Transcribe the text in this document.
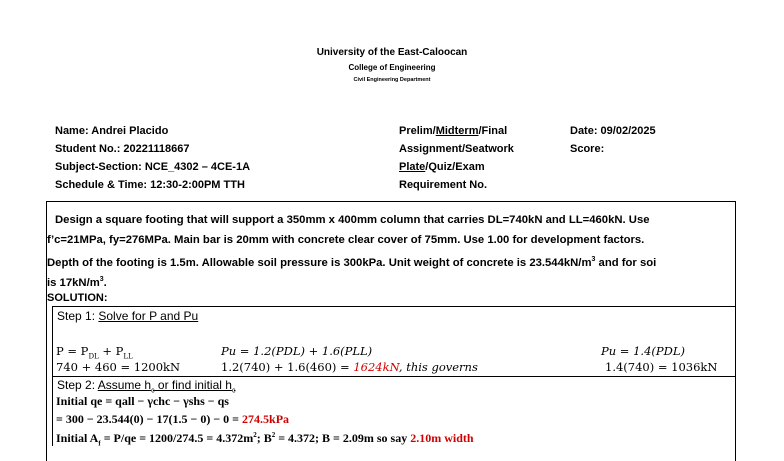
University of the East-Caloocan
College of Engineering
Civil Engineering Department
Name: Andrei Placido
Student No.: 20221118667
Subject-Section: NCE_4302 – 4CE-1A
Schedule & Time: 12:30-2:00PM TTH
Prelim/Midterm/Final
Assignment/Seatwork
Plate/Quiz/Exam
Requirement No.
Date: 09/02/2025
Score:
Design a square footing that will support a 350mm x 400mm column that carries DL=740kN and LL=460kN. Use
f’c=21MPa, fy=276MPa. Main bar is 20mm with concrete clear cover of 75mm. Use 1.00 for development factors.
Depth of the footing is 1.5m. Allowable soil pressure is 300kPa. Unit weight of concrete is $23.544kN/m^3$ and for soi
is $17kN/m^3$.
SOLUTION:
Step 1: Solve for P and Pu
$P = P_{DL} + P_{LL}$
740 + 460 = 1200kN
Pu = 1.2(PDL) + 1.6(PLL)
1.2(740) + 1.6(460) = 1624kN, this governs
Pu = 1.4(PDL)
1.4(740) = 1036kN
Step 2: Assume $h_c$ or find initial $h_c$
Initial qe = qall − γchc − γshs − qs
= 300 − 23.544(0) − 17(1.5 − 0) − 0 = 274.5kPa
Initial $A_f = P/qe = 1200/274.5 = 4.372m^2$; $B^2 = 4.372$; B = 2.09m so say 2.10m width
